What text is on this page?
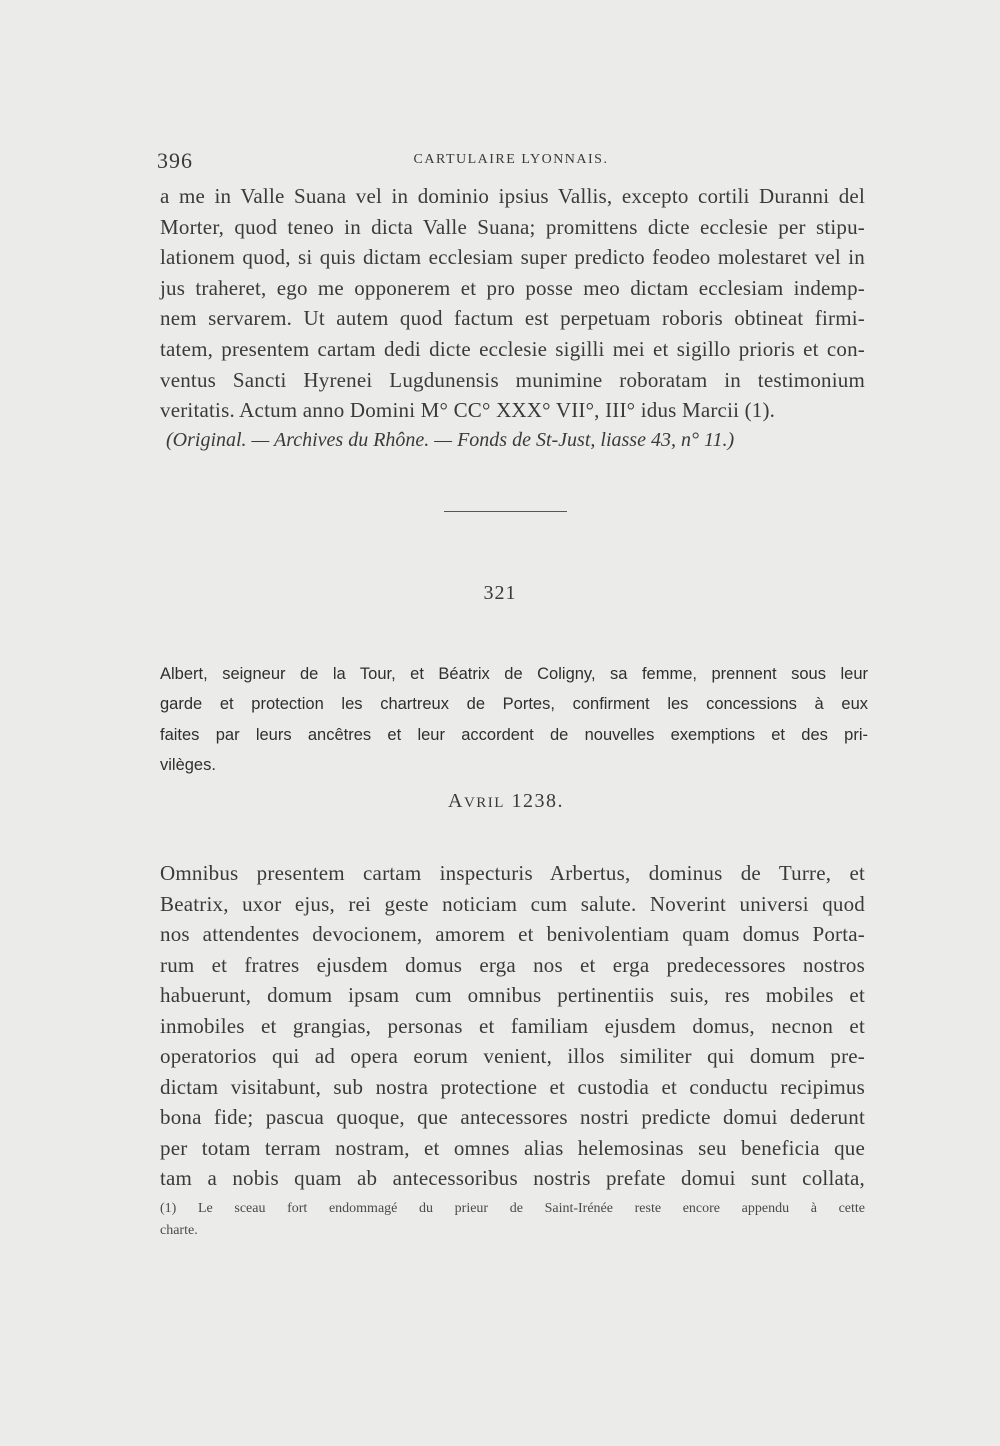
396	CARTULAIRE LYONNAIS.
a me in Valle Suana vel in dominio ipsius Vallis, excepto cortili Duranni del
Morter, quod teneo in dicta Valle Suana; promittens dicte ecclesie per stipu-
lationem quod, si quis dictam ecclesiam super predicto feodeo molestaret vel in
jus traheret, ego me opponerem et pro posse meo dictam ecclesiam indemp-
nem servarem. Ut autem quod factum est perpetuam roboris obtineat firmi-
tatem, presentem cartam dedi dicte ecclesie sigilli mei et sigillo prioris et con-
ventus Sancti Hyrenei Lugdunensis munimine roboratam in testimonium
veritatis. Actum anno Domini M° CC° XXX° VII°, III° idus Marcii (1).
(Original. — Archives du Rhône. — Fonds de St-Just, liasse 43, n° 11.)
321
Albert, seigneur de la Tour, et Béatrix de Coligny, sa femme, prennent sous leur
garde et protection les chartreux de Portes, confirment les concessions à eux
faites par leurs ancêtres et leur accordent de nouvelles exemptions et des pri-
vilèges.
AVRIL 1238.
Omnibus presentem cartam inspecturis Arbertus, dominus de Turre, et
Beatrix, uxor ejus, rei geste noticiam cum salute. Noverint universi quod
nos attendentes devocionem, amorem et benivolentiam quam domus Porta-
rum et fratres ejusdem domus erga nos et erga predecessores nostros
habuerunt, domum ipsam cum omnibus pertinentiis suis, res mobiles et
inmobiles et grangias, personas et familiam ejusdem domus, necnon et
operatorios qui ad opera eorum venient, illos similiter qui domum pre-
dictam visitabunt, sub nostra protectione et custodia et conductu recipimus
bona fide; pascua quoque, que antecessores nostri predicte domui dederunt
per totam terram nostram, et omnes alias helemosinas seu beneficia que
tam a nobis quam ab antecessoribus nostris prefate domui sunt collata,
(1) Le sceau fort endommagé du prieur de Saint-Irénée reste encore appendu à cette
charte.
